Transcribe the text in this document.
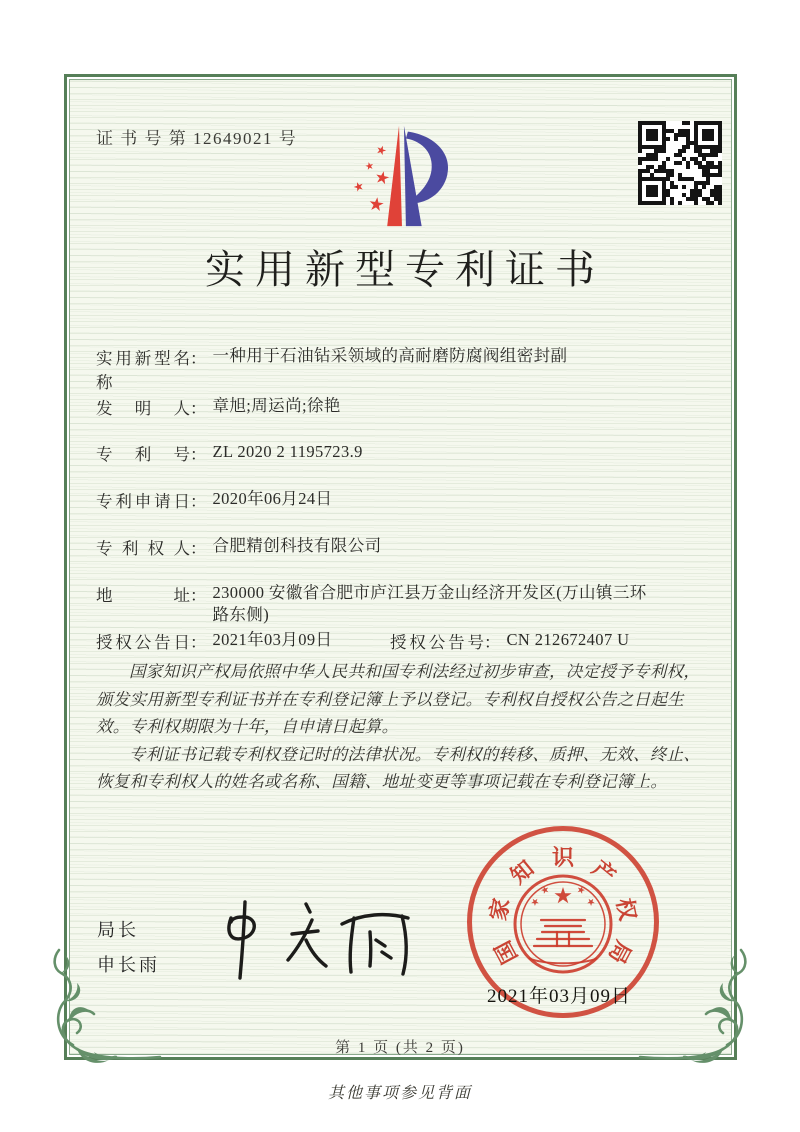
证 书 号 第 12649021 号
实用新型专利证书
实用新型名称
： 一种用于石油钻采领域的高耐磨防腐阀组密封副
发明人 ： 章旭;周运尚;徐艳
专利号 ： ZL 2020 2 1195723.9
专利申请日 ： 2020年06月24日
专利权人 ： 合肥精创科技有限公司
地址 ： 230000 安徽省合肥市庐江县万金山经济开发区(万山镇三环路东侧)
授权公告日 ： 2021年03月09日	授权公告号 ： CN 212672407 U

国家知识产权局依照中华人民共和国专利法经过初步审查，决定授予专利权，颁发实用新型专利证书并在专利登记簿上予以登记。专利权自授权公告之日起生效。专利权期限为十年，自申请日起算。

专利证书记载专利权登记时的法律状况。专利权的转移、质押、无效、终止、恢复和专利权人的姓名或名称、国籍、地址变更等事项记载在专利登记簿上。

局长
申长雨	国
家
知 识 产
权
局
2021年03月09日
第 1 页 (共 2 页)
其他事项参见背面
